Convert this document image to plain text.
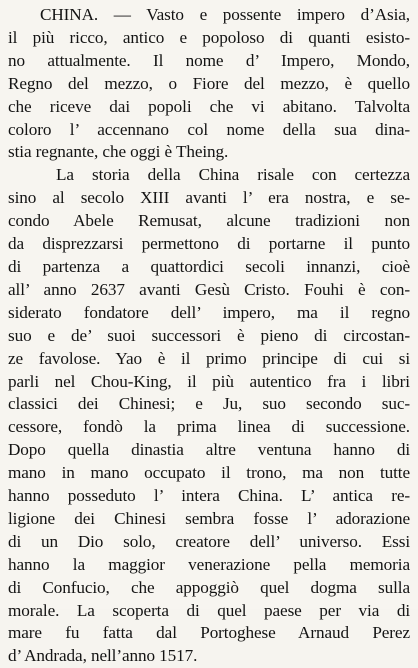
CHINA. — Vasto e possente impero d’Asia,
il più ricco, antico e popoloso di quanti esisto-
no attualmente. Il nome d’ Impero, Mondo,
Regno del mezzo, o Fiore del mezzo, è quello
che riceve dai popoli che vi abitano. Talvolta
coloro l’ accennano col nome della sua dina-
stia regnante, che oggi è Theing.
La storia della China risale con certezza
sino al secolo XIII avanti l’ era nostra, e se-
condo Abele Remusat, alcune tradizioni non
da disprezzarsi permettono di portarne il punto
di partenza a quattordici secoli innanzi, cioè
all’ anno 2637 avanti Gesù Cristo. Fouhi è con-
siderato fondatore dell’ impero, ma il regno
suo e de’ suoi successori è pieno di circostan-
ze favolose. Yao è il primo principe di cui si
parli nel Chou-King, il più autentico fra i libri
classici dei Chinesi; e Ju, suo secondo suc-
cessore, fondò la prima linea di successione.
Dopo quella dinastia altre ventuna hanno di
mano in mano occupato il trono, ma non tutte
hanno posseduto l’ intera China. L’ antica re-
ligione dei Chinesi sembra fosse l’ adorazione
di un Dio solo, creatore dell’ universo. Essi
hanno la maggior venerazione pella memoria
di Confucio, che appoggiò quel dogma sulla
morale. La scoperta di quel paese per via di
mare fu fatta dal Portoghese Arnaud Perez
d’ Andrada, nell’anno 1517.
